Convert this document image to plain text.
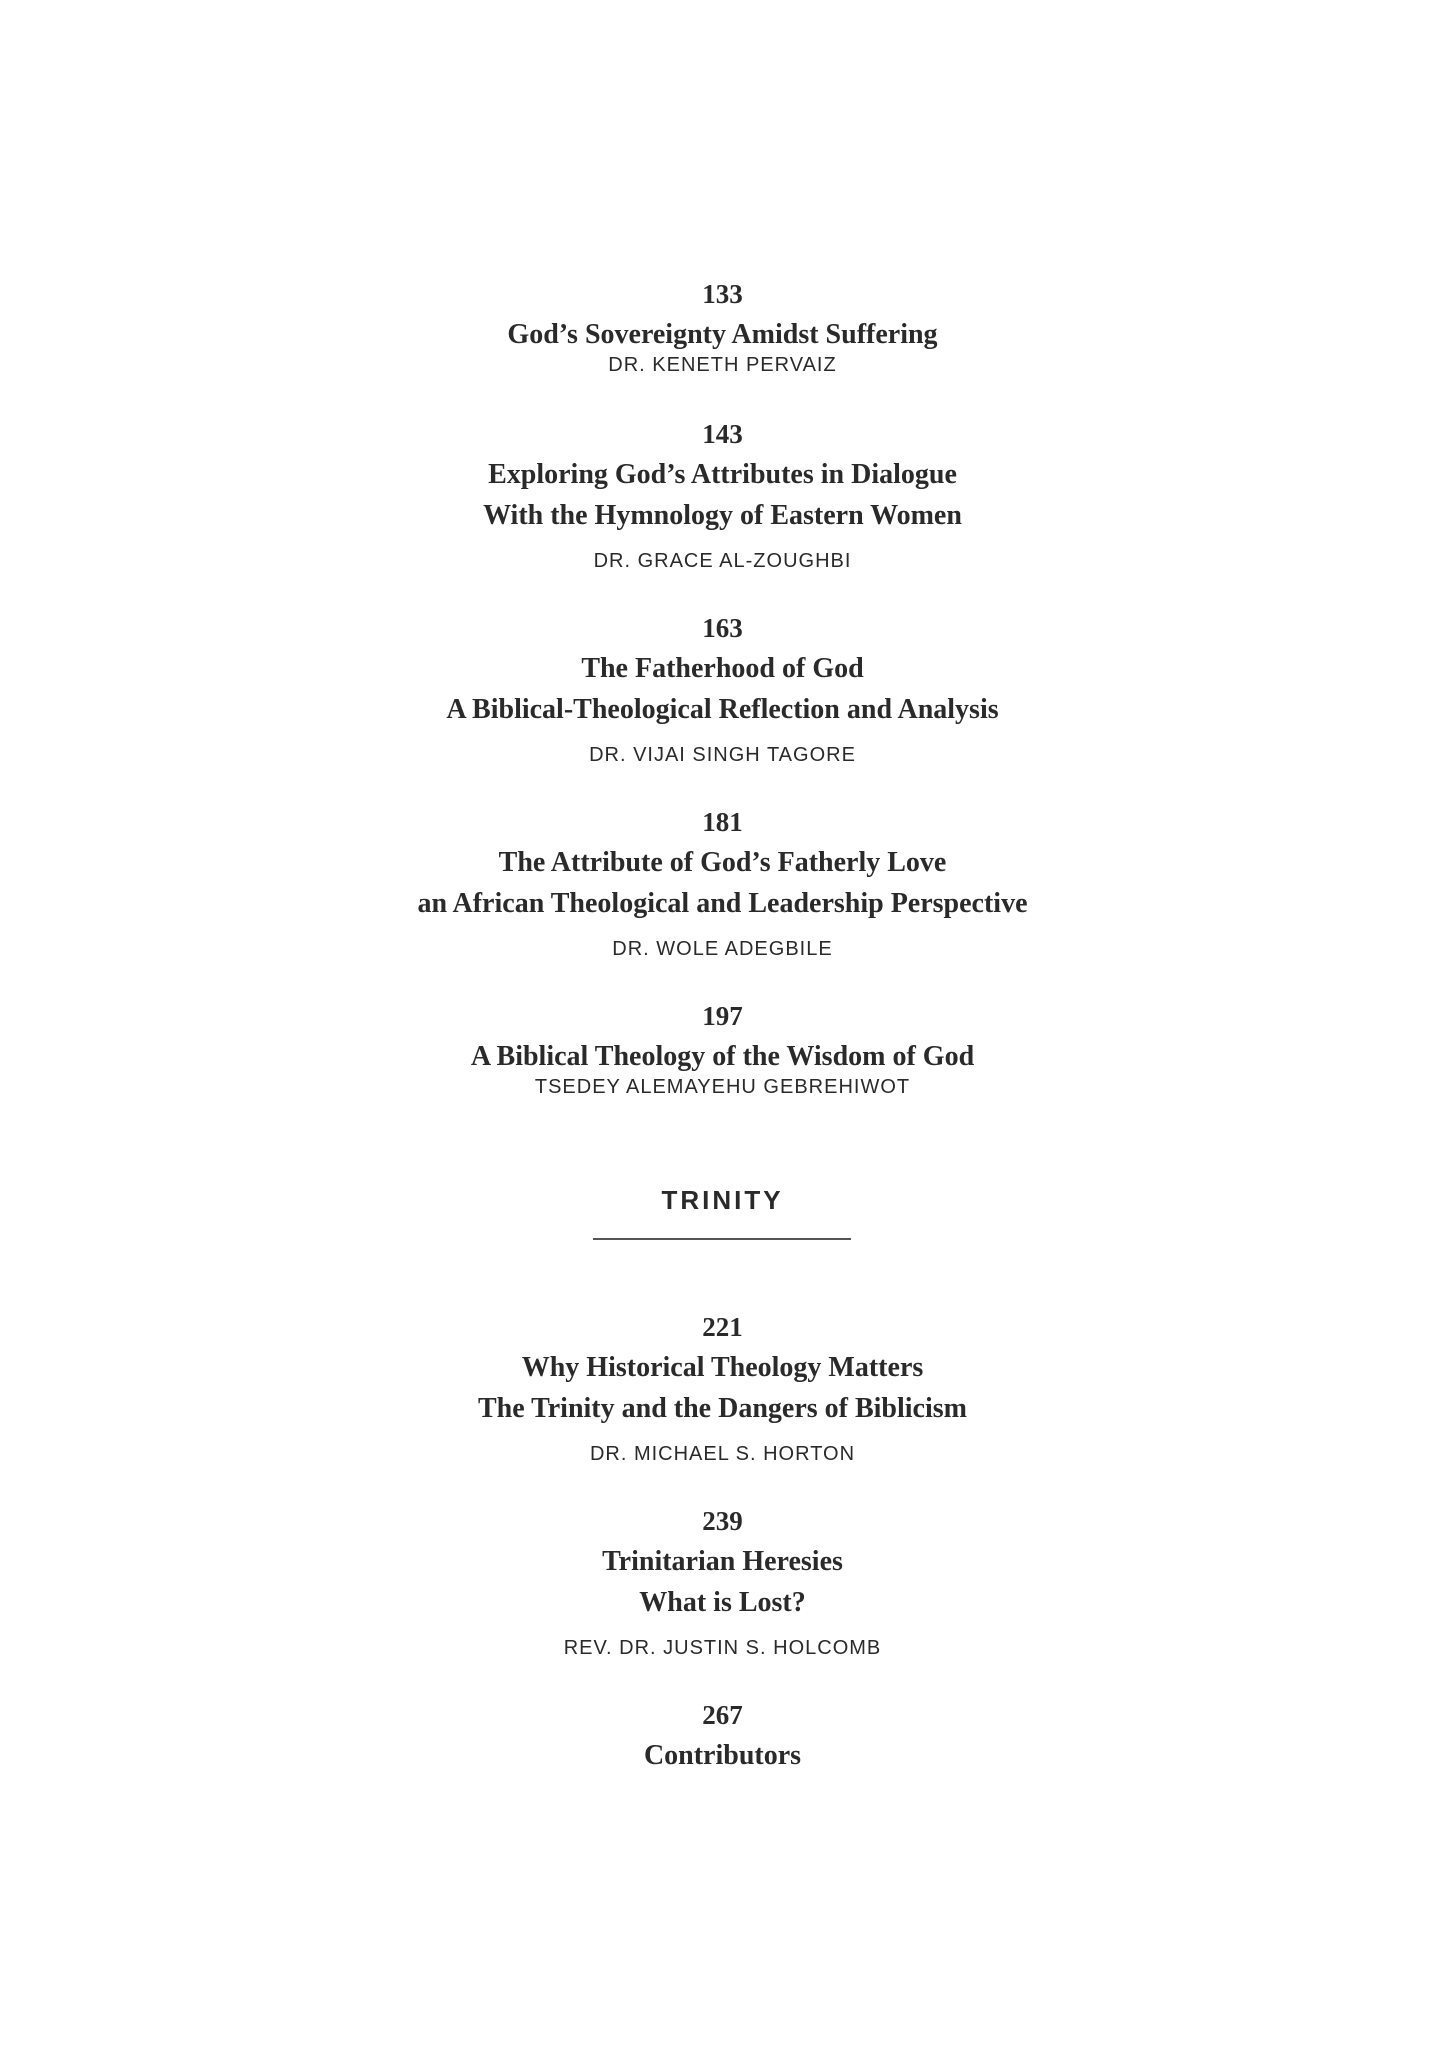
133
God’s Sovereignty Amidst Suffering
DR. KENETH PERVAIZ
143
Exploring God’s Attributes in Dialogue
With the Hymnology of Eastern Women
DR. GRACE AL-ZOUGHBI
163
The Fatherhood of God
A Biblical-Theological Reflection and Analysis
DR. VIJAI SINGH TAGORE
181
The Attribute of God’s Fatherly Love
an African Theological and Leadership Perspective
DR. WOLE ADEGBILE
197
A Biblical Theology of the Wisdom of God
TSEDEY ALEMAYEHU GEBREHIWOT
TRINITY
221
Why Historical Theology Matters
The Trinity and the Dangers of Biblicism
DR. MICHAEL S. HORTON
239
Trinitarian Heresies
What is Lost?
REV. DR. JUSTIN S. HOLCOMB
267
Contributors
